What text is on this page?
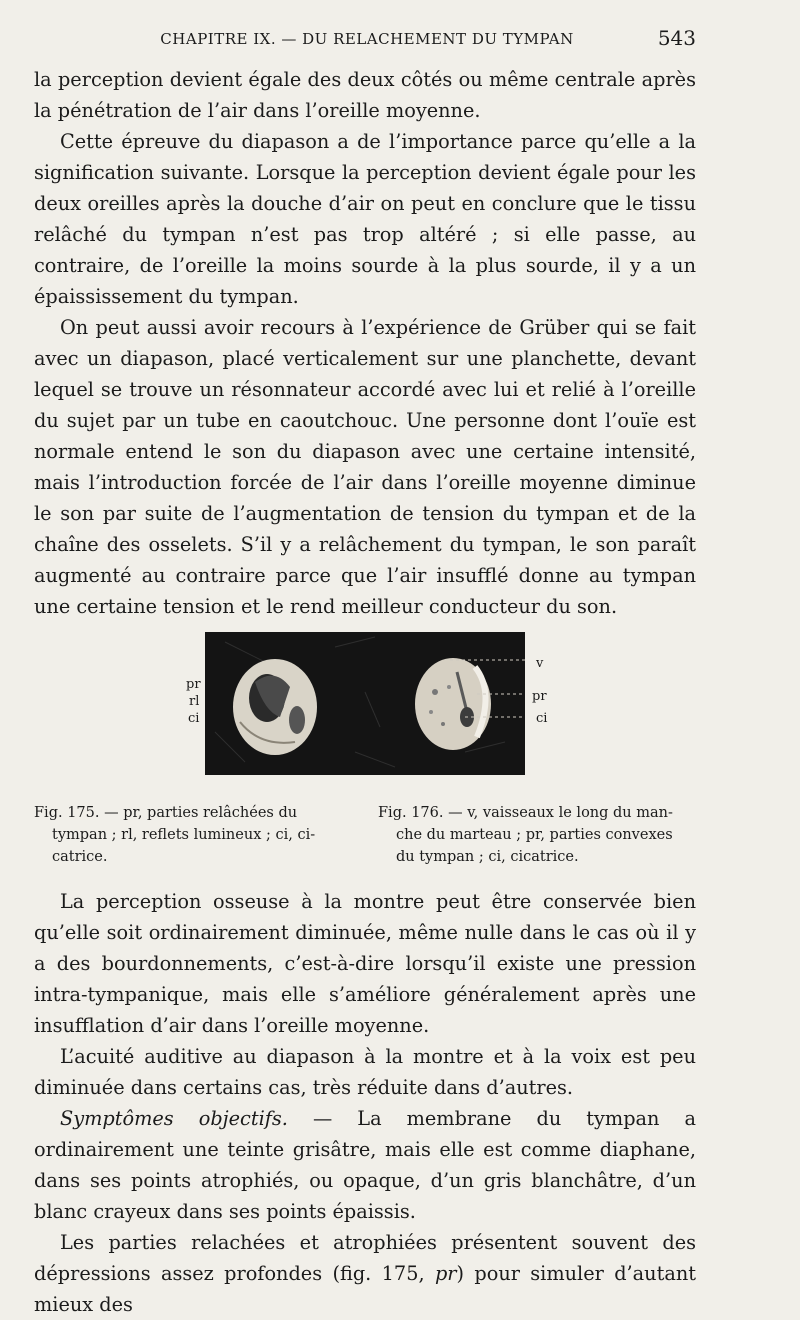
CHAPITRE IX. — DU RELACHEMENT DU TYMPAN	543

la perception devient égale des deux côtés ou même centrale après la pénétration de l’air dans l’oreille moyenne.

Cette épreuve du diapason a de l’importance parce qu’elle a la signification suivante. Lorsque la perception devient égale pour les deux oreilles après la douche d’air on peut en conclure que le tissu relâché du tympan n’est pas trop altéré ; si elle passe, au contraire, de l’oreille la moins sourde à la plus sourde, il y a un épaississement du tympan.

On peut aussi avoir recours à l’expérience de Grüber qui se fait avec un diapason, placé verticalement sur une planchette, devant lequel se trouve un résonnateur accordé avec lui et relié à l’oreille du sujet par un tube en caoutchouc. Une personne dont l’ouïe est normale entend le son du diapason avec une certaine intensité, mais l’introduction forcée de l’air dans l’oreille moyenne diminue le son par suite de l’augmentation de tension du tympan et de la chaîne des osselets. S’il y a relâchement du tympan, le son paraît augmenté au contraire parce que l’air insufflé donne au tympan une certaine tension et le rend meilleur conducteur du son.

pr
rl
ci
v
pr
ci
Fig. 175. — pr, parties relâchées du
tympan ; rl, reflets lumineux ; ci, ci-
catrice.
Fig. 176. — v, vaisseaux le long du man-
che du marteau ; pr, parties convexes
du tympan ; ci, cicatrice.

La perception osseuse à la montre peut être conservée bien qu’elle soit ordinairement diminuée, même nulle dans le cas où il y a des bourdonnements, c’est-à-dire lorsqu’il existe une pression intra-tympanique, mais elle s’améliore généralement après une insufflation d’air dans l’oreille moyenne.

L’acuité auditive au diapason à la montre et à la voix est peu diminuée dans certains cas, très réduite dans d’autres.

Symptômes objectifs. — La membrane du tympan a ordinairement une teinte grisâtre, mais elle est comme diaphane, dans ses points atrophiés, ou opaque, d’un gris blanchâtre, d’un blanc crayeux dans ses points épaissis.

Les parties relachées et atrophiées présentent souvent des dépressions assez profondes (fig. 175, pr) pour simuler d’autant mieux des
